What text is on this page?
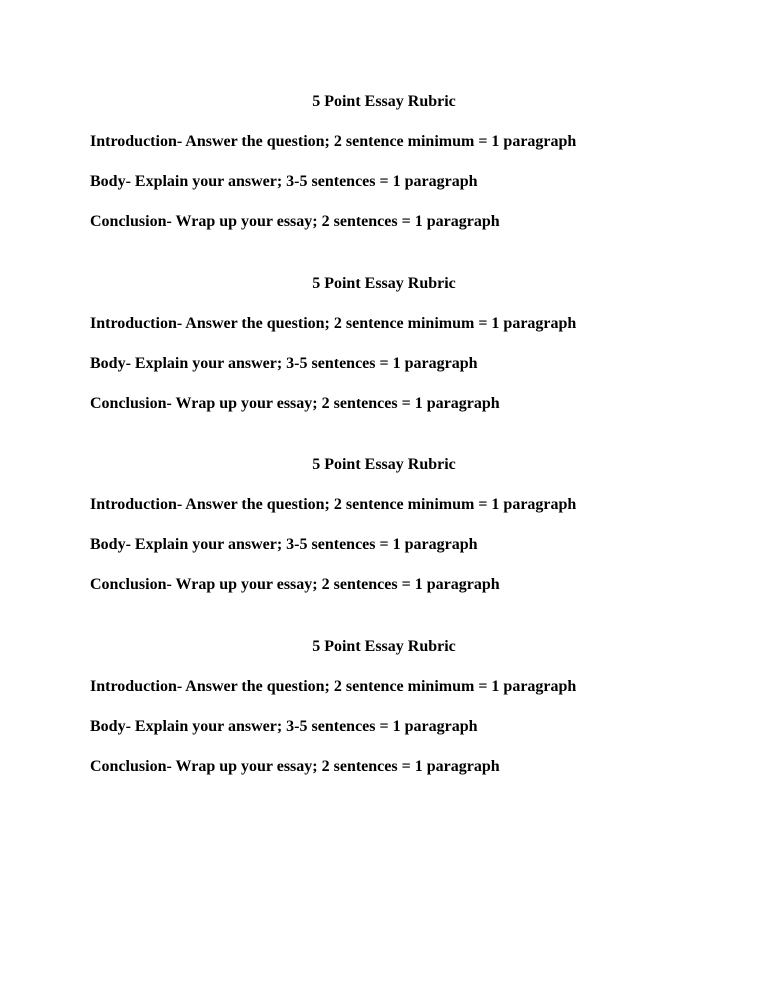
5 Point Essay Rubric

Introduction- Answer the question; 2 sentence minimum = 1 paragraph

Body- Explain your answer; 3-5 sentences = 1 paragraph

Conclusion- Wrap up your essay; 2 sentences = 1 paragraph

5 Point Essay Rubric

Introduction- Answer the question; 2 sentence minimum = 1 paragraph

Body- Explain your answer; 3-5 sentences = 1 paragraph

Conclusion- Wrap up your essay; 2 sentences = 1 paragraph

5 Point Essay Rubric

Introduction- Answer the question; 2 sentence minimum = 1 paragraph

Body- Explain your answer; 3-5 sentences = 1 paragraph

Conclusion- Wrap up your essay; 2 sentences = 1 paragraph

5 Point Essay Rubric

Introduction- Answer the question; 2 sentence minimum = 1 paragraph

Body- Explain your answer; 3-5 sentences = 1 paragraph

Conclusion- Wrap up your essay; 2 sentences = 1 paragraph
